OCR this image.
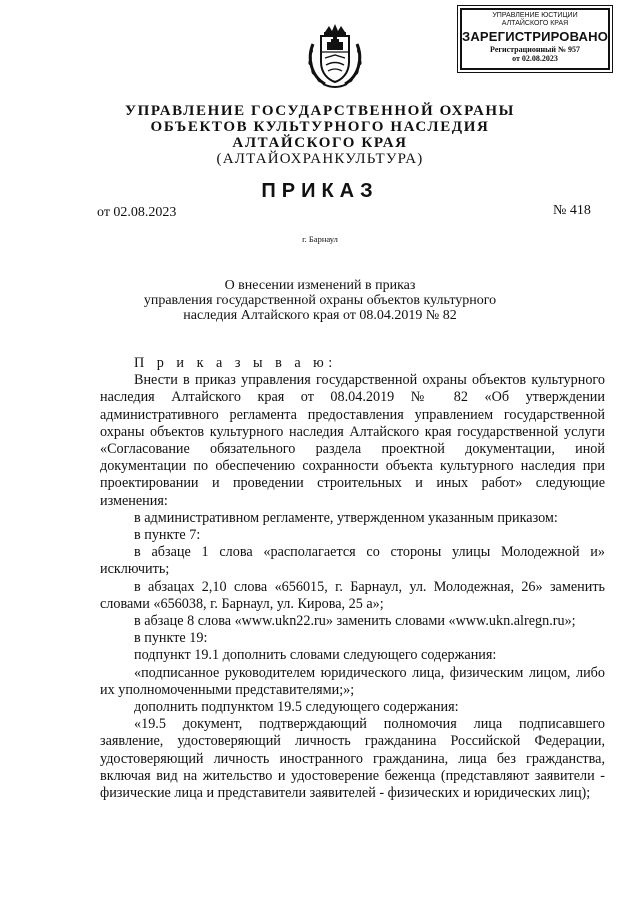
УПРАВЛЕНИЕ ЮСТИЦИИ
АЛТАЙСКОГО КРАЯ
ЗАРЕГИСТРИРОВАНО
Регистрационный № 957
от 02.08.2023
УПРАВЛЕНИЕ ГОСУДАРСТВЕННОЙ ОХРАНЫ
ОБЪЕКТОВ КУЛЬТУРНОГО НАСЛЕДИЯ
АЛТАЙСКОГО КРАЯ
(АЛТАЙОХРАНКУЛЬТУРА)
ПРИКАЗ
от 02.08.2023	№ 418
г. Барнаул
О внесении изменений в приказ
управления государственной охраны объектов культурного
наследия Алтайского края от 08.04.2019 № 82

П р и к а з ы в а ю:

Внести в приказ управления государственной охраны объектов культурного наследия Алтайского края от 08.04.2019 № 82 «Об утверждении административного регламента предоставления управлением государственной охраны объектов культурного наследия Алтайского края государственной услуги «Согласование обязательного раздела проектной документации, иной документации по обеспечению сохранности объекта культурного наследия при проектировании и проведении строительных и иных работ» следующие изменения:

в административном регламенте, утвержденном указанным приказом:

в пункте 7:

в абзаце 1 слова «располагается со стороны улицы Молодежной и» исключить;

в абзацах 2,10 слова «656015, г. Барнаул, ул. Молодежная, 26» заменить словами «656038, г. Барнаул, ул. Кирова, 25 а»;

в абзаце 8 слова «www.ukn22.ru» заменить словами «www.ukn.alregn.ru»;

в пункте 19:

подпункт 19.1 дополнить словами следующего содержания:

«подписанное руководителем юридического лица, физическим лицом, либо их уполномоченными представителями;»;

дополнить подпунктом 19.5 следующего содержания:

«19.5 документ, подтверждающий полномочия лица подписавшего заявление, удостоверяющий личность гражданина Российской Федерации, удостоверяющий личность иностранного гражданина, лица без гражданства, включая вид на жительство и удостоверение беженца (представляют заявители - физические лица и представители заявителей - физических и юридических лиц);
